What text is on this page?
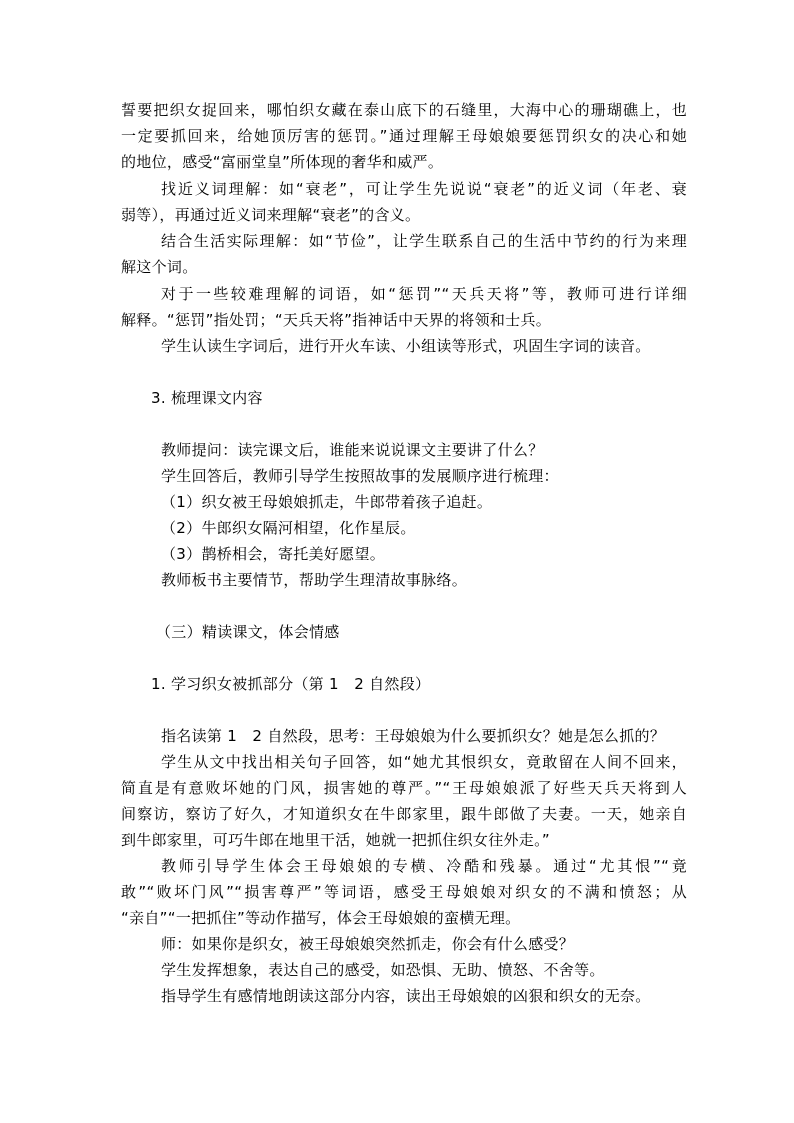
誓要把织女捉回来，哪怕织女藏在泰山底下的石缝里，大海中心的珊瑚礁上，也
一定要抓回来，给她顶厉害的惩罚。”通过理解王母娘娘要惩罚织女的决心和她
的地位，感受“富丽堂皇”所体现的奢华和威严。
找近义词理解：如“衰老”，可让学生先说说“衰老”的近义词（年老、衰
弱等），再通过近义词来理解“衰老”的含义。
结合生活实际理解：如“节俭”，让学生联系自己的生活中节约的行为来理
解这个词。
对于一些较难理解的词语，如“惩罚”“天兵天将”等，教师可进行详细
解释。“惩罚”指处罚；“天兵天将”指神话中天界的将领和士兵。
学生认读生字词后，进行开火车读、小组读等形式，巩固生字词的读音。
3. 梳理课文内容
教师提问：读完课文后，谁能来说说课文主要讲了什么？
学生回答后，教师引导学生按照故事的发展顺序进行梳理：
（1）织女被王母娘娘抓走，牛郎带着孩子追赶。
（2）牛郎织女隔河相望，化作星辰。
（3）鹊桥相会，寄托美好愿望。
教师板书主要情节，帮助学生理清故事脉络。
（三）精读课文，体会情感
1. 学习织女被抓部分（第 1　2 自然段）
指名读第 1　2 自然段，思考：王母娘娘为什么要抓织女？她是怎么抓的？
学生从文中找出相关句子回答，如“她尤其恨织女，竟敢留在人间不回来，
简直是有意败坏她的门风，损害她的尊严。”“王母娘娘派了好些天兵天将到人
间察访，察访了好久，才知道织女在牛郎家里，跟牛郎做了夫妻。一天，她亲自
到牛郎家里，可巧牛郎在地里干活，她就一把抓住织女往外走。”
教师引导学生体会王母娘娘的专横、冷酷和残暴。通过“尤其恨”“竟
敢”“败坏门风”“损害尊严”等词语，感受王母娘娘对织女的不满和愤怒；从
“亲自”“一把抓住”等动作描写，体会王母娘娘的蛮横无理。
师：如果你是织女，被王母娘娘突然抓走，你会有什么感受？
学生发挥想象，表达自己的感受，如恐惧、无助、愤怒、不舍等。
指导学生有感情地朗读这部分内容，读出王母娘娘的凶狠和织女的无奈。
